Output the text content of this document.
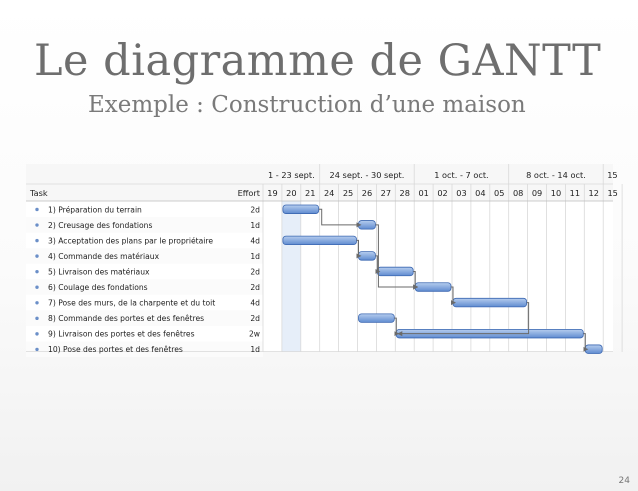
Le diagramme de GANTT
Exemple : Construction d’une maison
1 - 23 sept. 24 sept. - 30 sept.	1 oct. - 7 oct.	8 oct. - 14 oct.	15
Task	Effort 19 20 21 24 25 26 27 28 01 02 03 04 05 08 09 10 11 12 15
1) Préparation du terrain	2d
2) Creusage des fondations	1d
3) Acceptation des plans par le propriétaire	4d
4) Commande des matériaux	1d
5) Livraison des matériaux	2d
6) Coulage des fondations	2d
7) Pose des murs, de la charpente et du toit	4d
8) Commande des portes et des fenêtres	2d
9) Livraison des portes et des fenêtres	2w
10) Pose des portes et des fenêtres	1d
24
